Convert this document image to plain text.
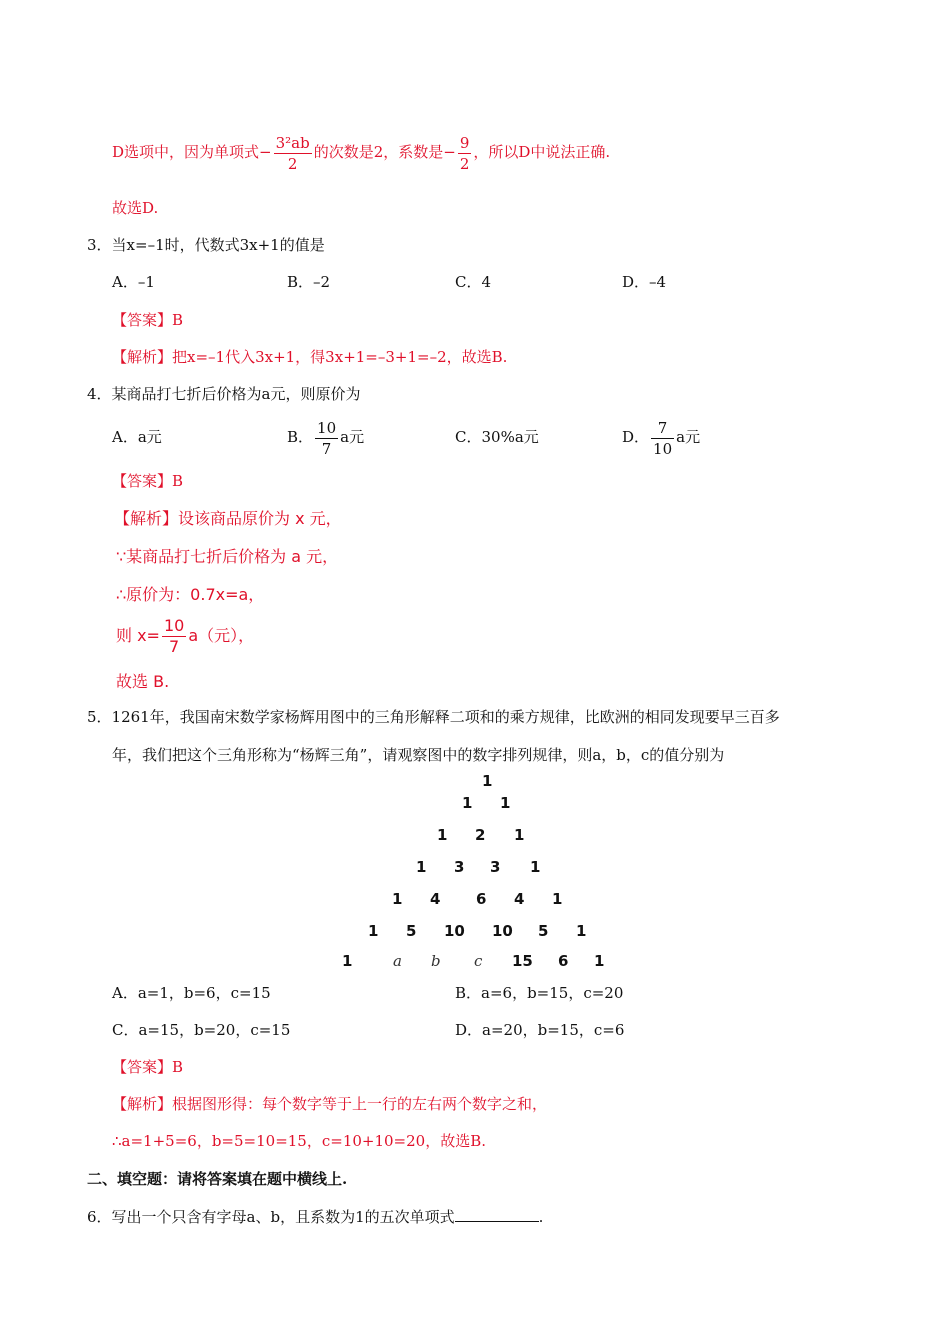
D选项中，因为单项式− $\frac{\text{3²ab}}{2}$ 的次数是2，系数是− $\frac{9}{2}$ ，所以D中说法正确.
故选D.
3．当x=–1时，代数式3x+1的值是
A．–1	B．–2	C．4	D．–4
【答案】B
【解析】把x=–1代入3x+1，得3x+1=–3+1=–2，故选B.
4．某商品打七折后价格为a元，则原价为
A．a元	B． $\frac{10}{7}$ a元	C．30%a元	D． $\frac{7}{10}$ a元
【答案】B
【解析】设该商品原价为 x 元，
∵某商品打七折后价格为 a 元，
∴原价为：0.7x=a，
则 $x= \frac{10}{7} a$（元），
故选 B.
5．1261年，我国南宋数学家杨辉用图中的三角形解释二项和的乘方规律，比欧洲的相同发现要早三百多
年，我们把这个三角形称为“杨辉三角”，请观察图中的数字排列规律，则a，b，c的值分别为
1
1 1
1 2 1
1 3 3 1
1 4 6 4 1
1 5 10 10 5 1
1	a b c 15 6 1
A．a=1，b=6，c=15	B．a=6，b=15，c=20
C．a=15，b=20，c=15	D．a=20，b=15，c=6
【答案】B
【解析】根据图形得：每个数字等于上一行的左右两个数字之和，
∴a=1+5=6，b=5=10=15，c=10+10=20，故选B.
二、填空题：请将答案填在题中横线上.
6．写出一个只含有字母a、b，且系数为1的五次单项式	.
